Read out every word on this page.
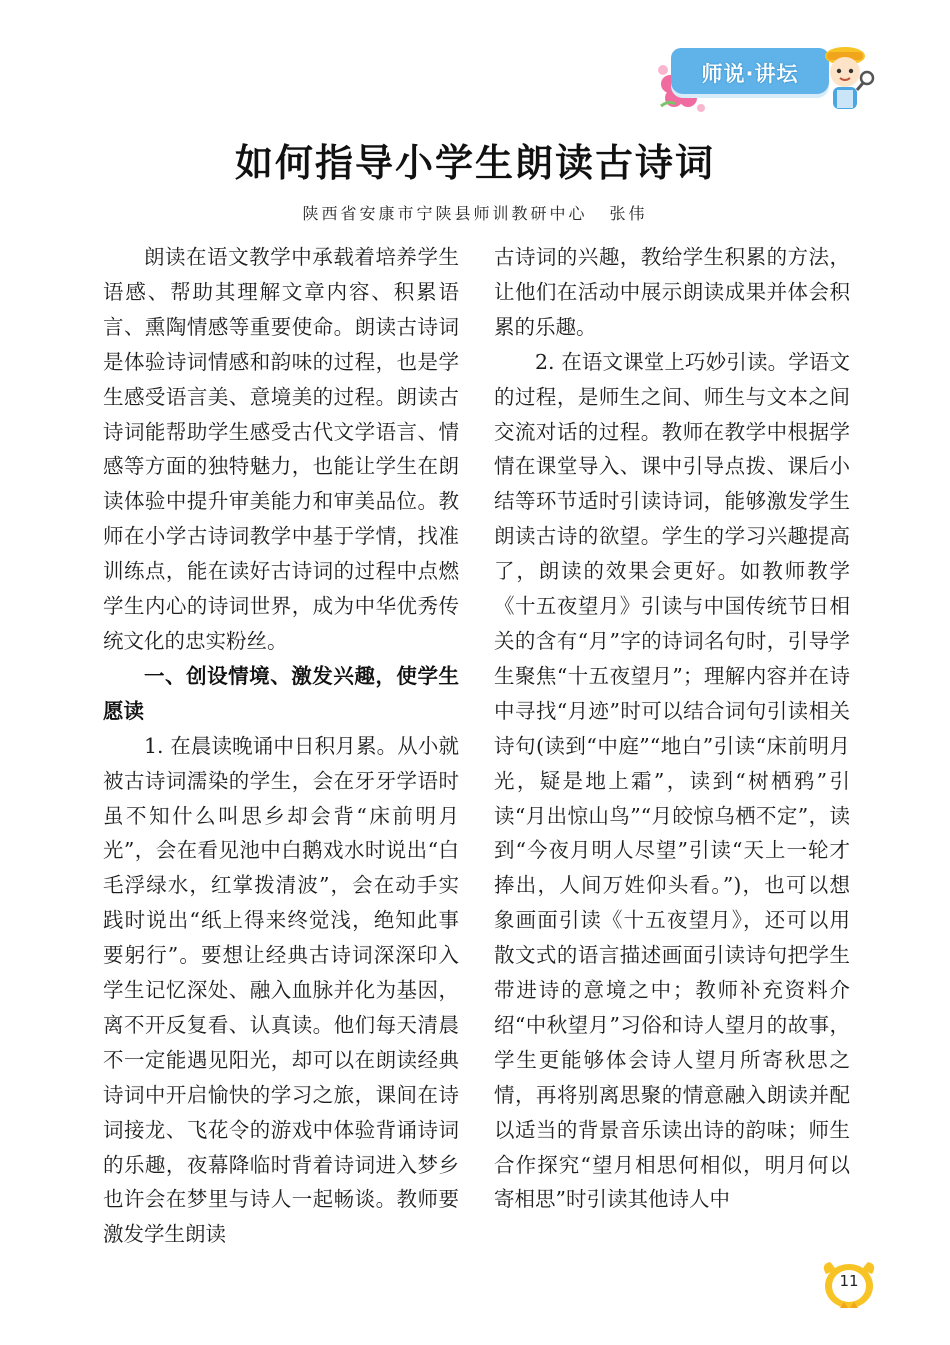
师说·讲坛
如何指导小学生朗读古诗词
陕西省安康市宁陕县师训教研中心 张伟

朗读在语文教学中承载着培养学生语感、帮助其理解文章内容、积累语言、熏陶情感等重要使命。朗读古诗词是体验诗词情感和韵味的过程，也是学生感受语言美、意境美的过程。朗读古诗词能帮助学生感受古代文学语言、情感等方面的独特魅力，也能让学生在朗读体验中提升审美能力和审美品位。教师在小学古诗词教学中基于学情，找准训练点，能在读好古诗词的过程中点燃学生内心的诗词世界，成为中华优秀传统文化的忠实粉丝。

一、创设情境、激发兴趣，使学生愿读

1. 在晨读晚诵中日积月累。从小就被古诗词濡染的学生，会在牙牙学语时虽不知什么叫思乡却会背“床前明月光”，会在看见池中白鹅戏水时说出“白毛浮绿水，红掌拨清波”，会在动手实践时说出“纸上得来终觉浅，绝知此事要躬行”。要想让经典古诗词深深印入学生记忆深处、融入血脉并化为基因，离不开反复看、认真读。他们每天清晨不一定能遇见阳光，却可以在朗读经典诗词中开启愉快的学习之旅，课间在诗词接龙、飞花令的游戏中体验背诵诗词的乐趣，夜幕降临时背着诗词进入梦乡也许会在梦里与诗人一起畅谈。教师要激发学生朗读

古诗词的兴趣，教给学生积累的方法，让他们在活动中展示朗读成果并体会积累的乐趣。

2. 在语文课堂上巧妙引读。学语文的过程，是师生之间、师生与文本之间交流对话的过程。教师在教学中根据学情在课堂导入、课中引导点拨、课后小结等环节适时引读诗词，能够激发学生朗读古诗的欲望。学生的学习兴趣提高了，朗读的效果会更好。如教师教学《十五夜望月》引读与中国传统节日相关的含有“月”字的诗词名句时，引导学生聚焦“十五夜望月”；理解内容并在诗中寻找“月迹”时可以结合词句引读相关诗句(读到“中庭”“地白”引读“床前明月光，疑是地上霜”，读到“树栖鸦”引读“月出惊山鸟”“月皎惊乌栖不定”，读到“今夜月明人尽望”引读“天上一轮才捧出，人间万姓仰头看。”)，也可以想象画面引读《十五夜望月》，还可以用散文式的语言描述画面引读诗句把学生带进诗的意境之中；教师补充资料介绍“中秋望月”习俗和诗人望月的故事，学生更能够体会诗人望月所寄秋思之情，再将别离思聚的情意融入朗读并配以适当的背景音乐读出诗的韵味；师生合作探究“望月相思何相似，明月何以寄相思”时引读其他诗人中

11
